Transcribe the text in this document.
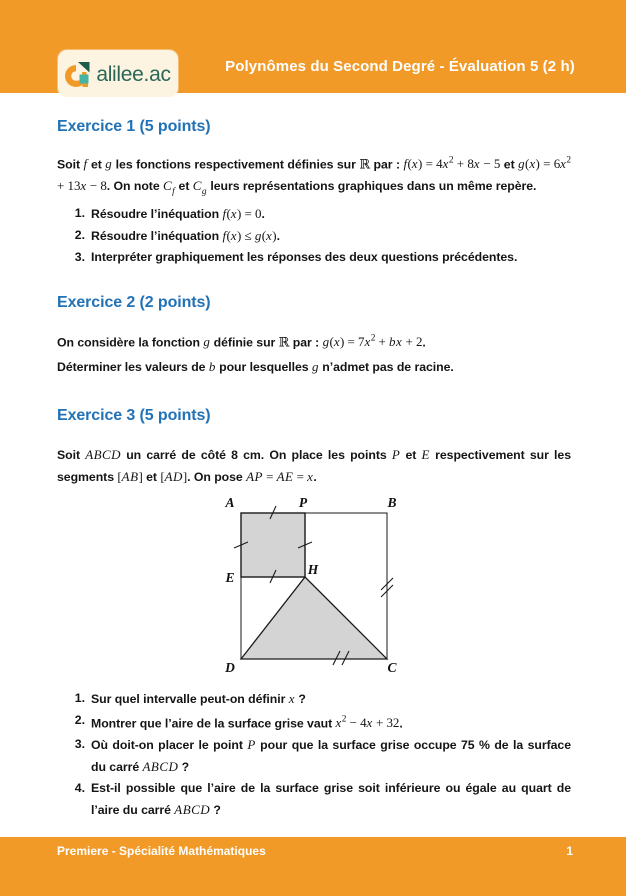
alilee.ac	Polynômes du Second Degré - Évaluation 5 (2 h)
Exercice 1 (5 points)
Soit f et g les fonctions respectivement définies sur ℝ par : $f(x) = 4x^2 + 8x - 5$ et $g(x) = 6x^2 + 13x - 8$. On note $C_f$ et $C_g$ leurs représentations graphiques dans un même repère.
1. Résoudre l’inéquation f(x) = 0.
2. Résoudre l’inéquation f(x) ≤ g(x).
3. Interpréter graphiquement les réponses des deux questions précédentes.
Exercice 2 (2 points)
On considère la fonction g définie sur ℝ par : $g(x) = 7x^2$ + bx + 2.
Déterminer les valeurs de b pour lesquelles g n’admet pas de racine.
Exercice 3 (5 points)
Soit ABCD un carré de côté 8 cm. On place les points P et E respectivement sur les segments [AB] et [AD]. On pose AP = AE = x.
A	P	B
E
H
D	C
1. Sur quel intervalle peut-on définir x ?
2. Montrer que l’aire de la surface grise vaut $x^2 - 4x + 32$.
3. Où doit-on placer le point P pour que la surface grise occupe 75 % de la surface du carré ABCD ?
4. Est-il possible que l’aire de la surface grise soit inférieure ou égale au quart de l’aire du carré ABCD ?
Premiere - Spécialité Mathématiques	1
